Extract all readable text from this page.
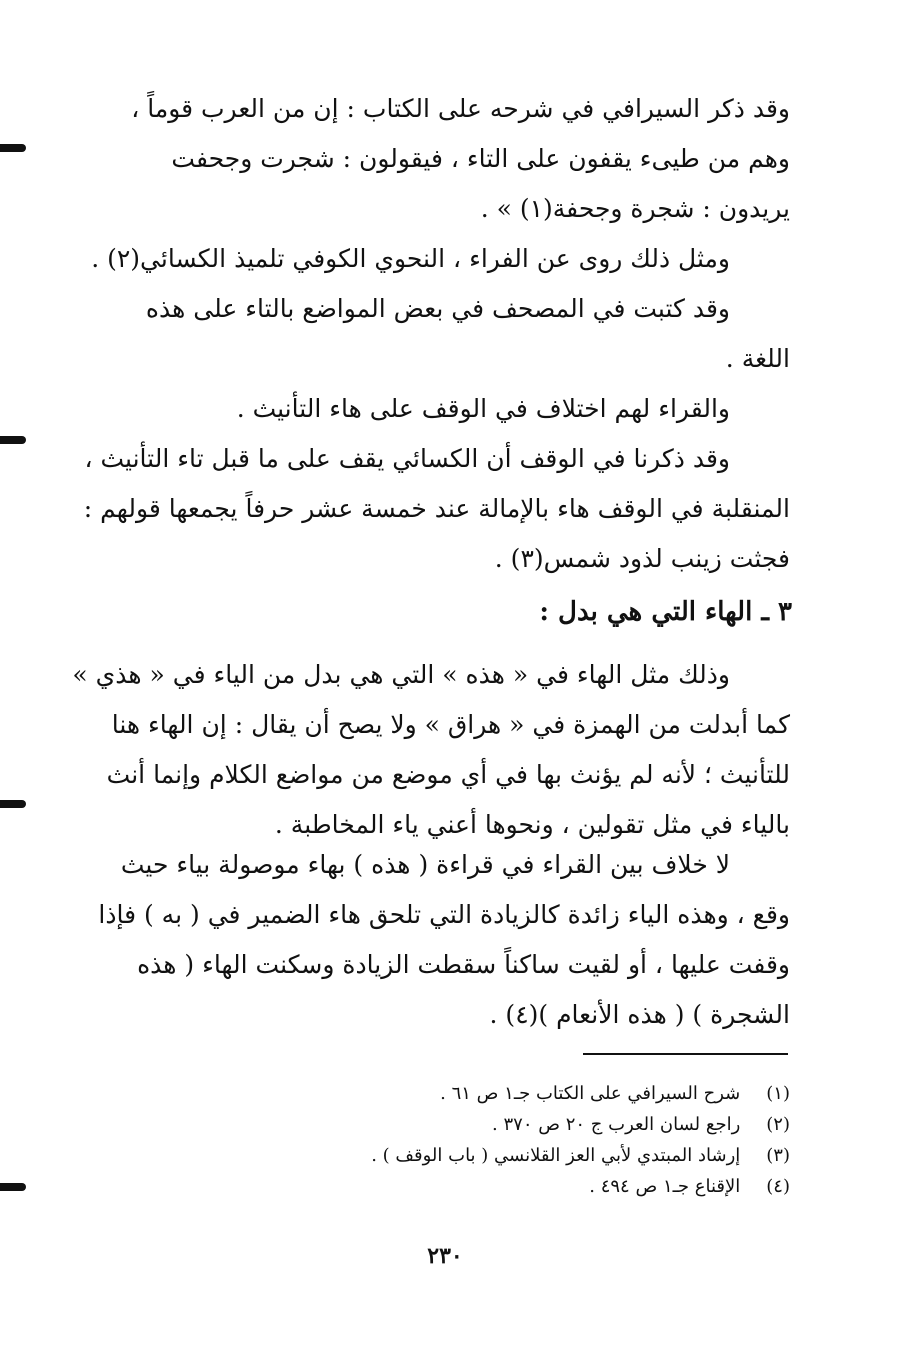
وقد ذكر السيرافي في شرحه على الكتاب : إن من العرب قوماً ،
وهم من طيىء يقفون على التاء ، فيقولون : شجرت وجحفت
يريدون : شجرة وجحفة(١) » .
ومثل ذلك روى عن الفراء ، النحوي الكوفي تلميذ الكسائي(٢) .
وقد كتبت في المصحف في بعض المواضع بالتاء على هذه
اللغة .
والقراء لهم اختلاف في الوقف على هاء التأنيث .
وقد ذكرنا في الوقف أن الكسائي يقف على ما قبل تاء التأنيث ،
المنقلبة في الوقف هاء بالإمالة عند خمسة عشر حرفاً يجمعها قولهم :
فجثت زينب لذود شمس(٣) .
٣ ـ الهاء التي هي بدل :
وذلك مثل الهاء في « هذه » التي هي بدل من الياء في « هذي »
كما أبدلت من الهمزة في « هراق » ولا يصح أن يقال : إن الهاء هنا
للتأنيث ؛ لأنه لم يؤنث بها في أي موضع من مواضع الكلام وإنما أنث
بالياء في مثل تقولين ، ونحوها أعني ياء المخاطبة .
لا خلاف بين القراء في قراءة ( هذه ) بهاء موصولة بياء حيث
وقع ، وهذه الياء زائدة كالزيادة التي تلحق هاء الضمير في ( به ) فإذا
وقفت عليها ، أو لقيت ساكناً سقطت الزيادة وسكنت الهاء ( هذه
الشجرة ) ( هذه الأنعام )(٤) .
(١) شرح السيرافي على الكتاب جـ١ ص ٦١ .
(٢) راجع لسان العرب ج ٢٠ ص ٣٧٠ .
(٣) إرشاد المبتدي لأبي العز القلانسي ( باب الوقف ) .
(٤) الإقناع جـ١ ص ٤٩٤ .
٢٣٠
